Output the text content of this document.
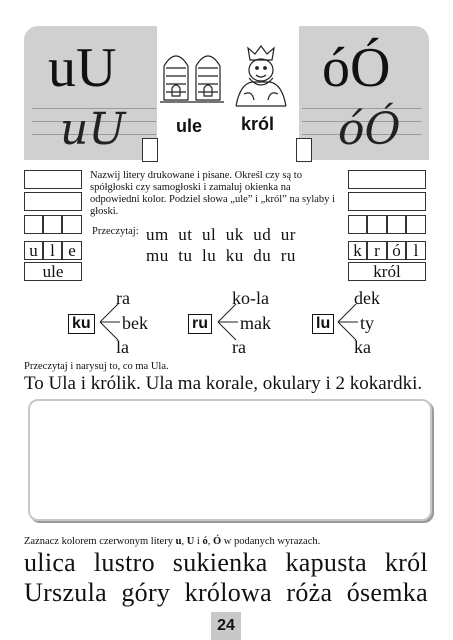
uU
uU
óÓ
óÓ
ule król
Nazwij litery drukowane i pisane. Określ czy są to spółgłoski czy samogłoski i zamaluj okienka na odpowiedni kolor. Podziel słowa „ule” i „król” na sylaby i głoski.
Przeczytaj: um ut ul uk ud ur
mu tu lu ku du ru
u l e
ule
k r ó l
król
ra
ku bek
la
ko-la
ru mak
ra
dek
lu ty
ka
Przeczytaj i narysuj to, co ma Ula.
To Ula i królik. Ula ma korale, okulary i 2 kokardki.
Zaznacz kolorem czerwonym litery u, U i ó, Ó w podanych wyrazach.
ulica lustro sukienka kapusta król
Urszula góry królowa róża ósemka
24
